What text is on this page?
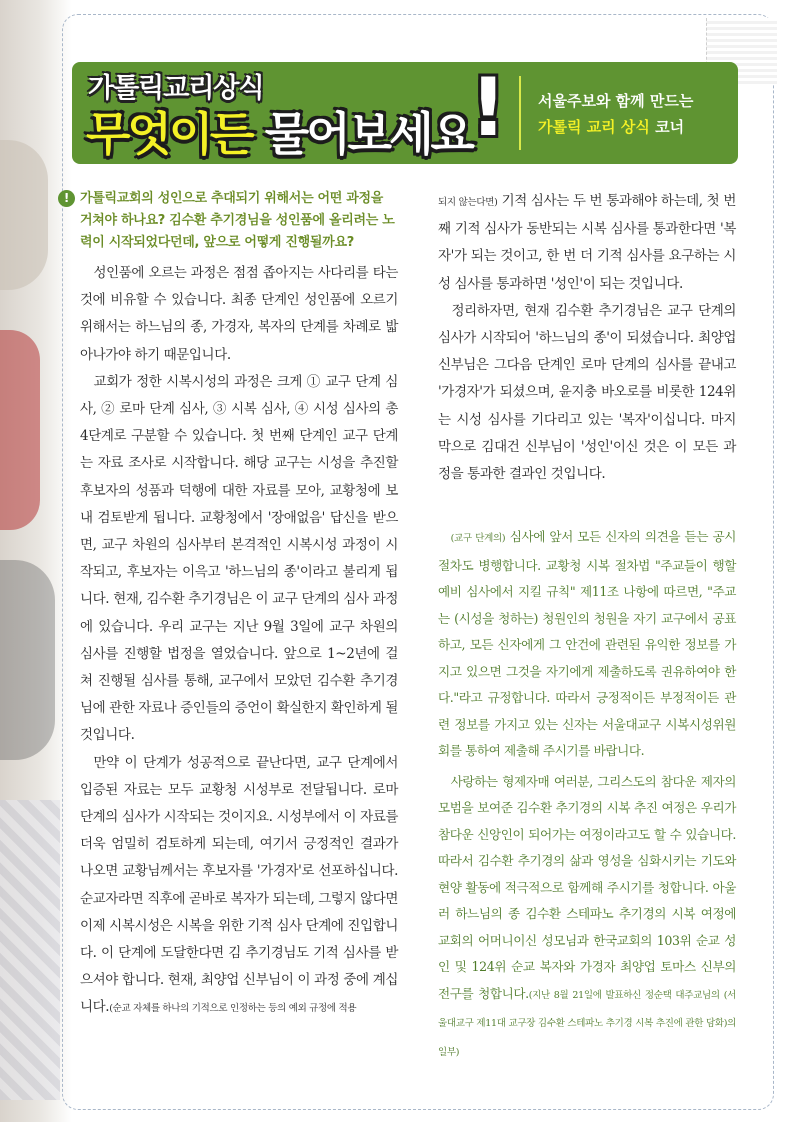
가톨릭교리상식
무엇이든 물어보세요
! 서울주보와 함께 만드는
가톨릭 교리 상식 코너
! 가톨릭교회의 성인으로 추대되기 위해서는 어떤 과정을 거쳐야 하나요? 김수환 추기경님을 성인품에 올리려는 노력이 시작되었다던데, 앞으로 어떻게 진행될까요?

성인품에 오르는 과정은 점점 좁아지는 사다리를 타는 것에 비유할 수 있습니다. 최종 단계인 성인품에 오르기 위해서는 하느님의 종, 가경자, 복자의 단계를 차례로 밟아나가야 하기 때문입니다.

교회가 정한 시복시성의 과정은 크게 ① 교구 단계 심사, ② 로마 단계 심사, ③ 시복 심사, ④ 시성 심사의 총 4단계로 구분할 수 있습니다. 첫 번째 단계인 교구 단계는 자료 조사로 시작합니다. 해당 교구는 시성을 추진할 후보자의 성품과 덕행에 대한 자료를 모아, 교황청에 보내 검토받게 됩니다. 교황청에서 '장애없음' 답신을 받으면, 교구 차원의 심사부터 본격적인 시복시성 과정이 시작되고, 후보자는 이윽고 '하느님의 종'이라고 불리게 됩니다. 현재, 김수환 추기경님은 이 교구 단계의 심사 과정에 있습니다. 우리 교구는 지난 9월 3일에 교구 차원의 심사를 진행할 법정을 열었습니다. 앞으로 1~2년에 걸쳐 진행될 심사를 통해, 교구에서 모았던 김수환 추기경님에 관한 자료나 증인들의 증언이 확실한지 확인하게 될 것입니다.

만약 이 단계가 성공적으로 끝난다면, 교구 단계에서 입증된 자료는 모두 교황청 시성부로 전달됩니다. 로마 단계의 심사가 시작되는 것이지요. 시성부에서 이 자료를 더욱 엄밀히 검토하게 되는데, 여기서 긍정적인 결과가 나오면 교황님께서는 후보자를 '가경자'로 선포하십니다. 순교자라면 직후에 곧바로 복자가 되는데, 그렇지 않다면 이제 시복시성은 시복을 위한 기적 심사 단계에 진입합니다. 이 단계에 도달한다면 김 추기경님도 기적 심사를 받으셔야 합니다. 현재, 최양업 신부님이 이 과정 중에 계십니다.(순교 자체를 하나의 기적으로 인정하는 등의 예외 규정에 적용

되지 않는다면) 기적 심사는 두 번 통과해야 하는데, 첫 번째 기적 심사가 동반되는 시복 심사를 통과한다면 '복자'가 되는 것이고, 한 번 더 기적 심사를 요구하는 시성 심사를 통과하면 '성인'이 되는 것입니다.

정리하자면, 현재 김수환 추기경님은 교구 단계의 심사가 시작되어 '하느님의 종'이 되셨습니다. 최양업 신부님은 그다음 단계인 로마 단계의 심사를 끝내고 '가경자'가 되셨으며, 윤지충 바오로를 비롯한 124위는 시성 심사를 기다리고 있는 '복자'이십니다. 마지막으로 김대건 신부님이 '성인'이신 것은 이 모든 과정을 통과한 결과인 것입니다.

(교구 단계의) 심사에 앞서 모든 신자의 의견을 듣는 공시 절차도 병행합니다. 교황청 시복 절차법 "주교들이 행할 예비 심사에서 지킬 규칙" 제11조 나항에 따르면, "주교는 (시성을 청하는) 청원인의 청원을 자기 교구에서 공표하고, 모든 신자에게 그 안건에 관련된 유익한 정보를 가지고 있으면 그것을 자기에게 제출하도록 권유하여야 한다."라고 규정합니다. 따라서 긍정적이든 부정적이든 관련 정보를 가지고 있는 신자는 서울대교구 시복시성위원회를 통하여 제출해 주시기를 바랍니다.

사랑하는 형제자매 여러분, 그리스도의 참다운 제자의 모범을 보여준 김수환 추기경의 시복 추진 여정은 우리가 참다운 신앙인이 되어가는 여정이라고도 할 수 있습니다. 따라서 김수환 추기경의 삶과 영성을 심화시키는 기도와 현양 활동에 적극적으로 함께해 주시기를 청합니다. 아울러 하느님의 종 김수환 스테파노 추기경의 시복 여정에 교회의 어머니이신 성모님과 한국교회의 103위 순교 성인 및 124위 순교 복자와 가경자 최양업 토마스 신부의 전구를 청합니다.(지난 8월 21일에 발표하신 정순택 대주교님의 (서울대교구 제11대 교구장 김수환 스테파노 추기경 시복 추진에 관한 담화)의 일부)
